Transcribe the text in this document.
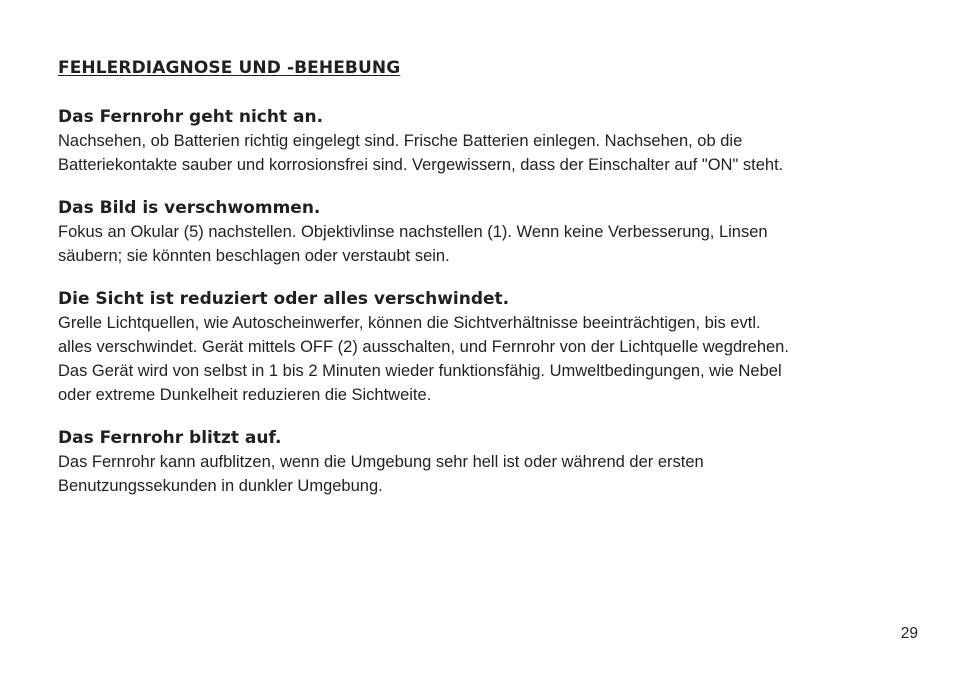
FEHLERDIAGNOSE UND -BEHEBUNG
Das Fernrohr geht nicht an.

Nachsehen, ob Batterien richtig eingelegt sind. Frische Batterien einlegen. Nachsehen, ob die
Batteriekontakte sauber und korrosionsfrei sind. Vergewissern, dass der Einschalter auf "ON" steht.

Das Bild is verschwommen.

Fokus an Okular (5) nachstellen. Objektivlinse nachstellen (1). Wenn keine Verbesserung, Linsen
säubern; sie könnten beschlagen oder verstaubt sein.

Die Sicht ist reduziert oder alles verschwindet.

Grelle Lichtquellen, wie Autoscheinwerfer, können die Sichtverhältnisse beeinträchtigen, bis evtl.
alles verschwindet. Gerät mittels OFF (2) ausschalten, und Fernrohr von der Lichtquelle wegdrehen.
Das Gerät wird von selbst in 1 bis 2 Minuten wieder funktionsfähig. Umweltbedingungen, wie Nebel
oder extreme Dunkelheit reduzieren die Sichtweite.

Das Fernrohr blitzt auf.

Das Fernrohr kann aufblitzen, wenn die Umgebung sehr hell ist oder während der ersten
Benutzungssekunden in dunkler Umgebung.

29
